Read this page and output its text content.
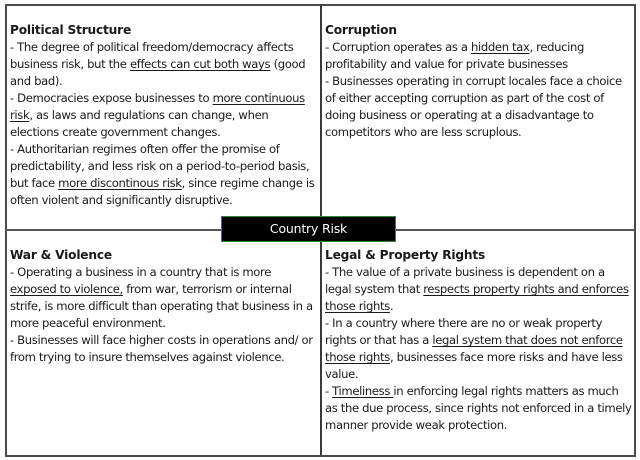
Political Structure

- The degree of political freedom/democracy affects business risk, but the effects can cut both ways (good and bad).

- Democracies expose businesses to more continuous risk, as laws and regulations can change, when elections create government changes.

- Authoritarian regimes often offer the promise of predictability, and less risk on a period-to-period basis, but face more discontinous risk, since regime change is often violent and significantly disruptive.

Corruption

- Corruption operates as a hidden tax, reducing profitability and value for private businesses

- Businesses operating in corrupt locales face a choice of either accepting corruption as part of the cost of doing business or operating at a disadvantage to competitors who are less scruplous.

War & Violence

- Operating a business in a country that is more exposed to violence, from war, terrorism or internal strife, is more difficult than operating that business in a more peaceful environment.

- Businesses will face higher costs in operations and/ or from trying to insure themselves against violence.

Legal & Property Rights

- The value of a private business is dependent on a legal system that respects property rights and enforces those rights.

- In a country where there are no or weak property rights or that has a legal system that does not enforce those rights, businesses face more risks and have less value.

- Timeliness in enforcing legal rights matters as much as the due process, since rights not enforced in a timely manner provide weak protection.

Country Risk
